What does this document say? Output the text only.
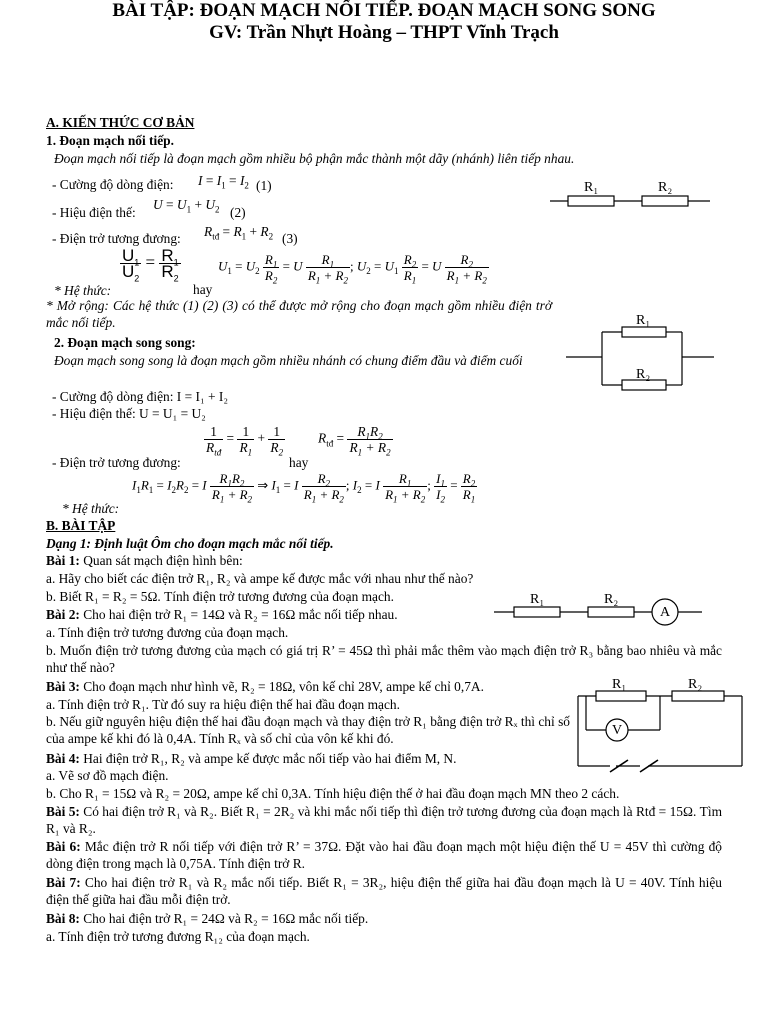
BÀI TẬP: ĐOẠN MẠCH NỐI TIẾP. ĐOẠN MẠCH SONG SONG
GV: Trần Nhựt Hoàng – THPT Vĩnh Trạch
A. KIẾN THỨC CƠ BẢN
1. Đoạn mạch nối tiếp.
Đoạn mạch nối tiếp là đoạn mạch gồm nhiều bộ phận mắc thành một dãy (nhánh) liên tiếp nhau.
- Cường độ dòng điện: $I = I_1 = I_2$ (1)
- Hiệu điện thế:
$U = U_1 + U_2$ (2)
- Điện trở tương đương: $R_{tđ} = R_1 + R_2$ (3)
$\frac{U_1}{U_2} = \frac{R_1}{R_2}$
hay
$U_1 = U_2 \frac{R_1}{R_2} = U \frac{R_1}{R_1 + R_2}$ ; $U_2 = U_1 \frac{R_2}{R_1} = U \frac{R_2}{R_1 + R_2}$
* Hệ thức:
* Mở rộng: Các hệ thức (1) (2) (3) có thể được mở rộng cho đoạn mạch gồm nhiều điện trở mắc nối tiếp.
2. Đoạn mạch song song:
Đoạn mạch song song là đoạn mạch gồm nhiều nhánh có chung điểm đầu và điểm cuối
- Cường độ dòng điện: I = I₁ + I₂
- Hiệu điện thế: U = U₁ = U₂
$\frac{1}{R_{tđ}} = \frac{1}{R_1} + \frac{1}{R_2}$
- Điện trở tương đương:	hay
$R_{tđ} = \frac{R_1R_2}{R_1 + R_2}$
$I_1R_1 = I_2R_2 = I \frac{R_1R_2}{R_1 + R_2}$ ⇒ $I_1 = I \frac{R_2}{R_1 + R_2}$ ; $I_2 = I \frac{R_1}{R_1 + R_2}$ ; $\frac{I_1}{I_2} = \frac{R_2}{R_1}$
* Hệ thức:
B. BÀI TẬP
Dạng 1: Định luật Ôm cho đoạn mạch mắc nối tiếp.
Bài 1: Quan sát mạch điện hình bên:
a. Hãy cho biết các điện trở R₁, R₂ và ampe kế được mắc với nhau như thế nào?
b. Biết R₁ = R₂ = 5Ω. Tính điện trở tương đương của đoạn mạch.
Bài 2: Cho hai điện trở R₁ = 14Ω và R₂ = 16Ω mắc nối tiếp nhau.
a. Tính điện trở tương đương của đoạn mạch.
b. Muốn điện trở tương đương của mạch có giá trị R’ = 45Ω thì phải mắc thêm vào mạch điện trở R₃ bằng bao nhiêu và mắc như thế nào?
Bài 3: Cho đoạn mạch như hình vẽ, R₂ = 18Ω, vôn kế chỉ 28V, ampe kế chỉ 0,7A.
a. Tính điện trở R₁. Từ đó suy ra hiệu điện thế hai đầu đoạn mạch.
b. Nếu giữ nguyên hiệu điện thế hai đầu đoạn mạch và thay điện trở R₁ bằng điện trở Rₓ thì chỉ số của ampe kế khi đó là 0,4A. Tính Rₓ và số chỉ của vôn kế khi đó.
Bài 4: Hai điện trở R₁, R₂ và ampe kế được mắc nối tiếp vào hai điểm M, N.
a. Vẽ sơ đồ mạch điện.
b. Cho R₁ = 15Ω và R₂ = 20Ω, ampe kế chỉ 0,3A. Tính hiệu điện thế ở hai đầu đoạn mạch MN theo 2 cách.
Bài 5: Có hai điện trở R₁ và R₂. Biết R₁ = 2R₂ và khi mắc nối tiếp thì điện trở tương đương của đoạn mạch là Rtđ = 15Ω. Tìm R₁ và R₂.
Bài 6: Mắc điện trở R nối tiếp với điện trở R’ = 37Ω. Đặt vào hai đầu đoạn mạch một hiệu điện thế U = 45V thì cường độ dòng điện trong mạch là 0,75A. Tính điện trở R.
Bài 7: Cho hai điện trở R₁ và R₂ mắc nối tiếp. Biết R₁ = 3R₂, hiệu điện thế giữa hai đầu đoạn mạch là U = 40V. Tính hiệu điện thế giữa hai đầu mỗi điện trở.
Bài 8: Cho hai điện trở R₁ = 24Ω và R₂ = 16Ω mắc nối tiếp.
a. Tính điện trở tương đương R₁₂ của đoạn mạch.
R₁	R₂
R₁
R₂
R₁	R₂
A
V
R₁	R₂
